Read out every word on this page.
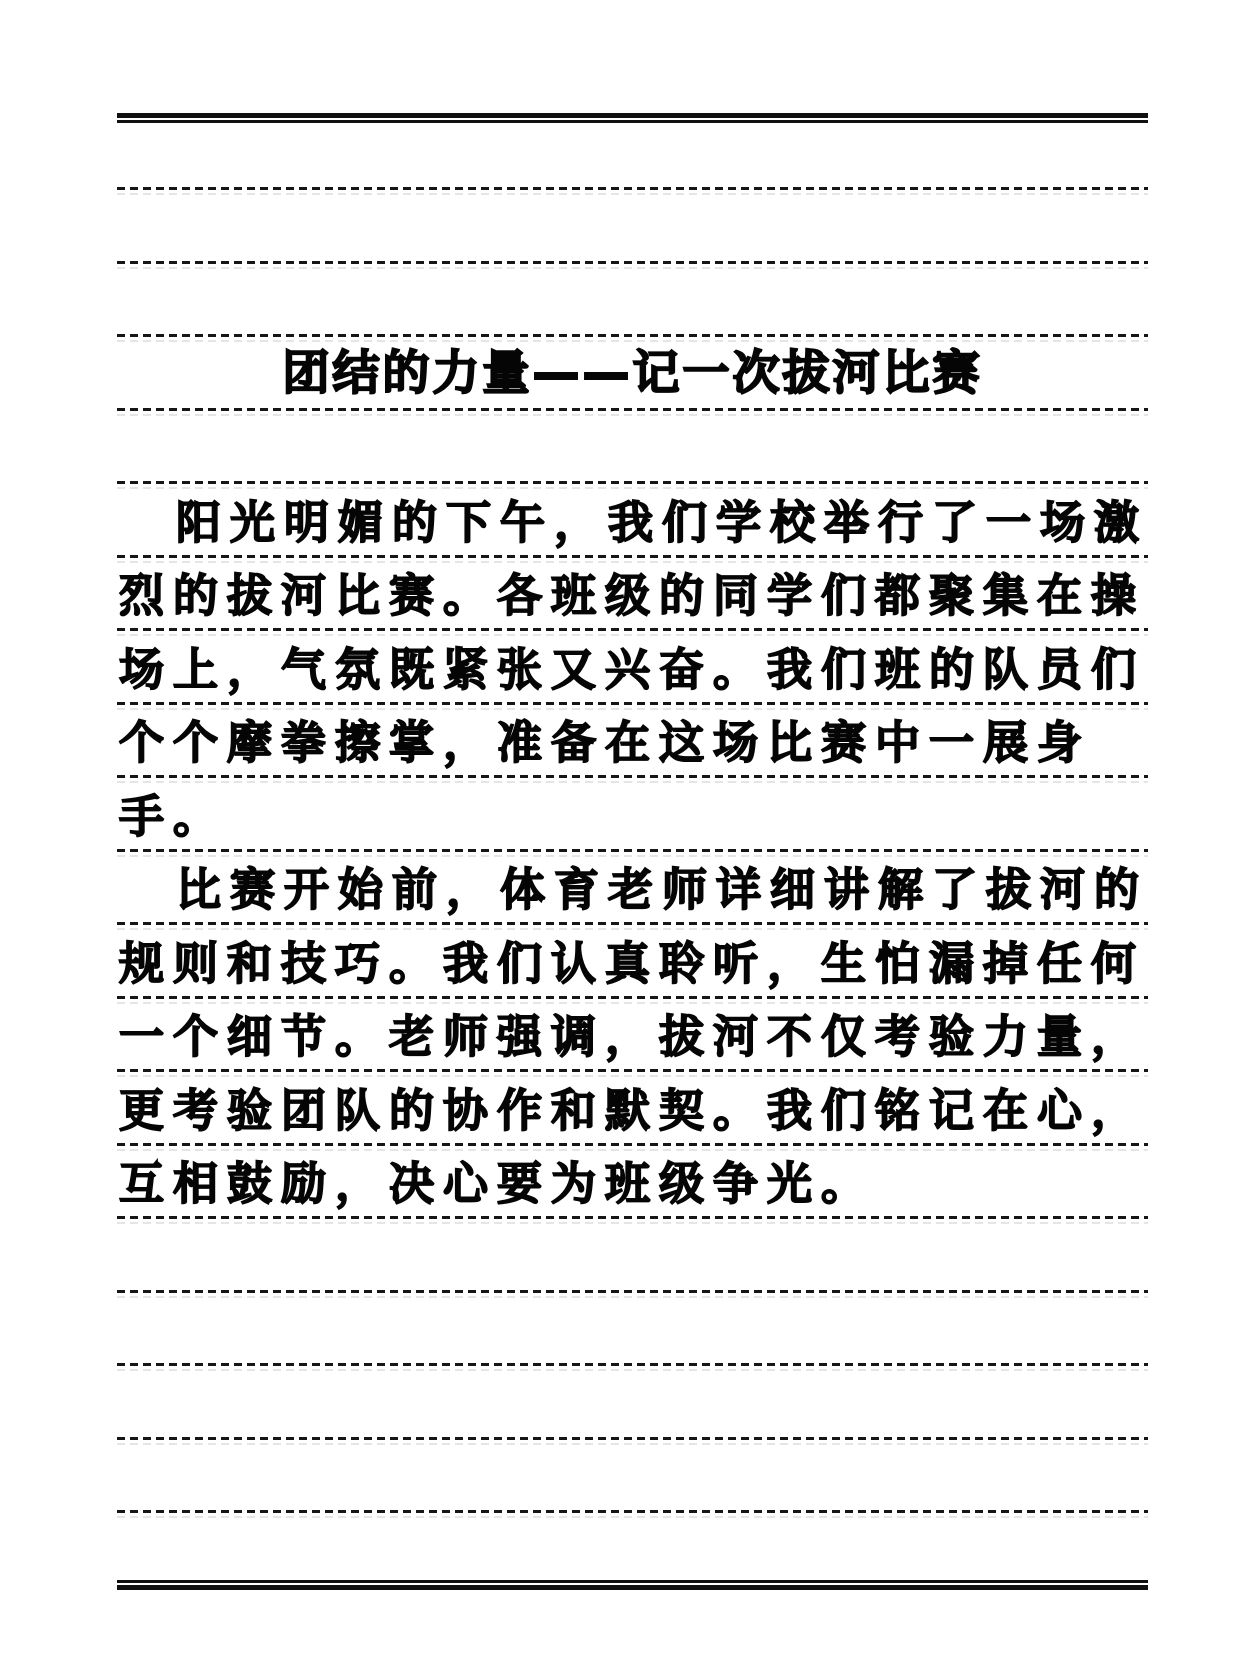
团结的力量——记一次拔河比赛
阳光明媚的下午，我们学校举行了一场激
烈的拔河比赛。各班级的同学们都聚集在操
场上，气氛既紧张又兴奋。我们班的队员们
个个摩拳擦掌，准备在这场比赛中一展身
手。
比赛开始前，体育老师详细讲解了拔河的
规则和技巧。我们认真聆听，生怕漏掉任何
一个细节。老师强调，拔河不仅考验力量，
更考验团队的协作和默契。我们铭记在心，
互相鼓励，决心要为班级争光。
